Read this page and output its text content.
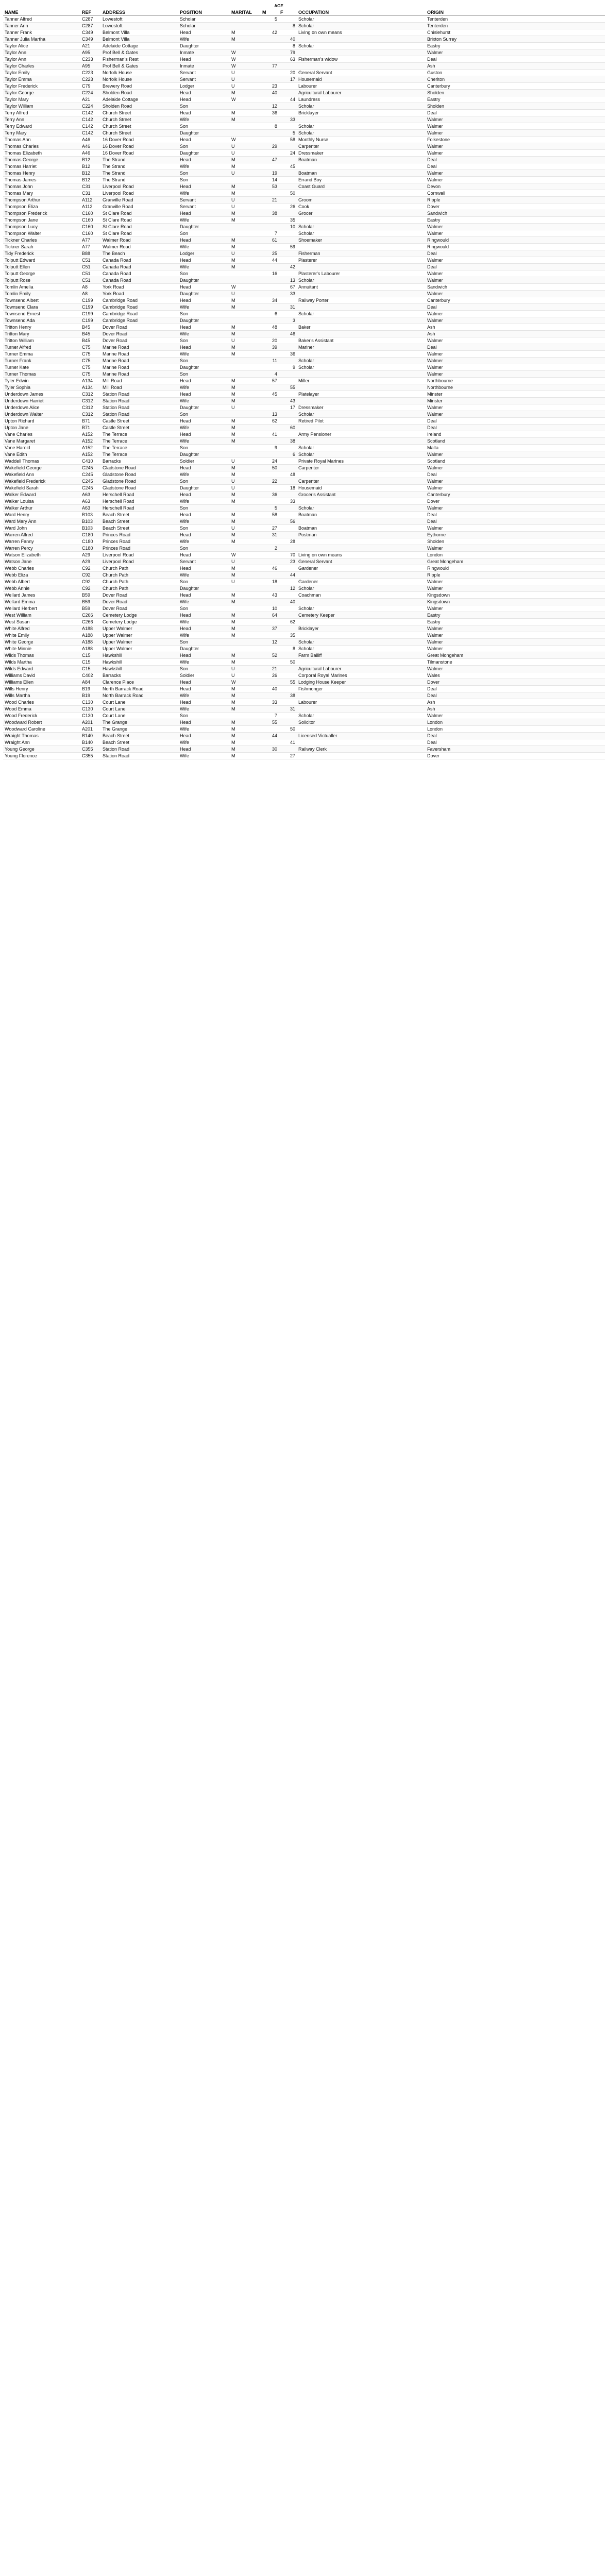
					AGE			
NAME	REF	ADDRESS	POSITION	MARITAL	M	F	OCCUPATION	ORIGIN
Tanner Alfred	C287	Lowestoft	Scholar		5		Scholar	Tenterden
Tanner Ann	C287	Lowestoft	Scholar			8	Scholar	Tenterden
Tanner Frank	C349	Belmont Villa	Head	M	42		Living on own means	Chislehurst
Tanner Julia Martha	C349	Belmont Villa	Wife	M		40		Brixton Surrey
Taylor Alice	A21	Adelaide Cottage	Daughter			8	Scholar	Eastry
Taylor Ann	A95	Prof Bell & Gates	Inmate	W		79		Walmer
Taylor Ann	C233	Fisherman's Rest	Head	W		63	Fisherman's widow	Deal
Taylor Charles	A95	Prof Bell & Gates	Inmate	W	77			Ash
Taylor Emily	C223	Norfolk House	Servant	U		20	General Servant	Guston
Taylor Emma	C223	Norfolk House	Servant	U		17	Housemaid	Cheriton
Taylor Frederick	C79	Brewery Road	Lodger	U	23		Labourer	Canterbury
Taylor George	C224	Sholden Road	Head	M	40		Agricultural Labourer	Sholden
Taylor Mary	A21	Adelaide Cottage	Head	W		44	Laundress	Eastry
Taylor William	C224	Sholden Road	Son		12		Scholar	Sholden
Terry Alfred	C142	Church Street	Head	M	36		Bricklayer	Deal
Terry Ann	C142	Church Street	Wife	M		33		Walmer
Terry Edward	C142	Church Street	Son		8		Scholar	Walmer
Terry Mary	C142	Church Street	Daughter			5	Scholar	Walmer
Thomas Ann	A46	16 Dover Road	Head	W		58	Monthly Nurse	Folkestone
Thomas Charles	A46	16 Dover Road	Son	U	29		Carpenter	Walmer
Thomas Elizabeth	A46	16 Dover Road	Daughter	U		24	Dressmaker	Walmer
Thomas George	B12	The Strand	Head	M	47		Boatman	Deal
Thomas Harriet	B12	The Strand	Wife	M		45		Deal
Thomas Henry	B12	The Strand	Son	U	19		Boatman	Walmer
Thomas James	B12	The Strand	Son		14		Errand Boy	Walmer
Thomas John	C31	Liverpool Road	Head	M	53		Coast Guard	Devon
Thomas Mary	C31	Liverpool Road	Wife	M		50		Cornwall
Thompson Arthur	A112	Granville Road	Servant	U	21		Groom	Ripple
Thompson Eliza	A112	Granville Road	Servant	U		26	Cook	Dover
Thompson Frederick	C160	St Clare Road	Head	M	38		Grocer	Sandwich
Thompson Jane	C160	St Clare Road	Wife	M		35		Eastry
Thompson Lucy	C160	St Clare Road	Daughter			10	Scholar	Walmer
Thompson Walter	C160	St Clare Road	Son		7		Scholar	Walmer
Tickner Charles	A77	Walmer Road	Head	M	61		Shoemaker	Ringwould
Tickner Sarah	A77	Walmer Road	Wife	M		59		Ringwould
Tidy Frederick	B88	The Beach	Lodger	U	25		Fisherman	Deal
Tolputt Edward	C51	Canada Road	Head	M	44		Plasterer	Walmer
Tolputt Ellen	C51	Canada Road	Wife	M		42		Deal
Tolputt George	C51	Canada Road	Son		16		Plasterer's Labourer	Walmer
Tolputt Rose	C51	Canada Road	Daughter			13	Scholar	Walmer
Tomlin Amelia	A8	York Road	Head	W		67	Annuitant	Sandwich
Tomlin Emily	A8	York Road	Daughter	U		33		Walmer
Townsend Albert	C199	Cambridge Road	Head	M	34		Railway Porter	Canterbury
Townsend Clara	C199	Cambridge Road	Wife	M		31		Deal
Townsend Ernest	C199	Cambridge Road	Son		6		Scholar	Walmer
Townsend Ada	C199	Cambridge Road	Daughter			3		Walmer
Tritton Henry	B45	Dover Road	Head	M	48		Baker	Ash
Tritton Mary	B45	Dover Road	Wife	M		46		Ash
Tritton William	B45	Dover Road	Son	U	20		Baker's Assistant	Walmer
Turner Alfred	C75	Marine Road	Head	M	39		Mariner	Deal
Turner Emma	C75	Marine Road	Wife	M		36		Walmer
Turner Frank	C75	Marine Road	Son		11		Scholar	Walmer
Turner Kate	C75	Marine Road	Daughter			9	Scholar	Walmer
Turner Thomas	C75	Marine Road	Son		4			Walmer
Tyler Edwin	A134	Mill Road	Head	M	57		Miller	Northbourne
Tyler Sophia	A134	Mill Road	Wife	M		55		Northbourne
Underdown James	C312	Station Road	Head	M	45		Platelayer	Minster
Underdown Harriet	C312	Station Road	Wife	M		43		Minster
Underdown Alice	C312	Station Road	Daughter	U		17	Dressmaker	Walmer
Underdown Walter	C312	Station Road	Son		13		Scholar	Walmer
Upton Richard	B71	Castle Street	Head	M	62		Retired Pilot	Deal
Upton Jane	B71	Castle Street	Wife	M		60		Deal
Vane Charles	A152	The Terrace	Head	M	41		Army Pensioner	Ireland
Vane Margaret	A152	The Terrace	Wife	M		38		Scotland
Vane Harold	A152	The Terrace	Son		9		Scholar	Malta
Vane Edith	A152	The Terrace	Daughter			6	Scholar	Walmer
Waddell Thomas	C410	Barracks	Soldier	U	24		Private Royal Marines	Scotland
Wakefield George	C245	Gladstone Road	Head	M	50		Carpenter	Walmer
Wakefield Ann	C245	Gladstone Road	Wife	M		48		Deal
Wakefield Frederick	C245	Gladstone Road	Son	U	22		Carpenter	Walmer
Wakefield Sarah	C245	Gladstone Road	Daughter	U		18	Housemaid	Walmer
Walker Edward	A63	Herschell Road	Head	M	36		Grocer's Assistant	Canterbury
Walker Louisa	A63	Herschell Road	Wife	M		33		Dover
Walker Arthur	A63	Herschell Road	Son		5		Scholar	Walmer
Ward Henry	B103	Beach Street	Head	M	58		Boatman	Deal
Ward Mary Ann	B103	Beach Street	Wife	M		56		Deal
Ward John	B103	Beach Street	Son	U	27		Boatman	Walmer
Warren Alfred	C180	Princes Road	Head	M	31		Postman	Eythorne
Warren Fanny	C180	Princes Road	Wife	M		28		Sholden
Warren Percy	C180	Princes Road	Son		2			Walmer
Watson Elizabeth	A29	Liverpool Road	Head	W		70	Living on own means	London
Watson Jane	A29	Liverpool Road	Servant	U		23	General Servant	Great Mongeham
Webb Charles	C92	Church Path	Head	M	46		Gardener	Ringwould
Webb Eliza	C92	Church Path	Wife	M		44		Ripple
Webb Albert	C92	Church Path	Son	U	18		Gardener	Walmer
Webb Annie	C92	Church Path	Daughter			12	Scholar	Walmer
Wellard James	B59	Dover Road	Head	M	43		Coachman	Kingsdown
Wellard Emma	B59	Dover Road	Wife	M		40		Kingsdown
Wellard Herbert	B59	Dover Road	Son		10		Scholar	Walmer
West William	C266	Cemetery Lodge	Head	M	64		Cemetery Keeper	Eastry
West Susan	C266	Cemetery Lodge	Wife	M		62		Eastry
White Alfred	A188	Upper Walmer	Head	M	37		Bricklayer	Walmer
White Emily	A188	Upper Walmer	Wife	M		35		Walmer
White George	A188	Upper Walmer	Son		12		Scholar	Walmer
White Minnie	A188	Upper Walmer	Daughter			8	Scholar	Walmer
Wilds Thomas	C15	Hawkshill	Head	M	52		Farm Bailiff	Great Mongeham
Wilds Martha	C15	Hawkshill	Wife	M		50		Tilmanstone
Wilds Edward	C15	Hawkshill	Son	U	21		Agricultural Labourer	Walmer
Williams David	C402	Barracks	Soldier	U	26		Corporal Royal Marines	Wales
Williams Ellen	A84	Clarence Place	Head	W		55	Lodging House Keeper	Dover
Wills Henry	B19	North Barrack Road	Head	M	40		Fishmonger	Deal
Wills Martha	B19	North Barrack Road	Wife	M		38		Deal
Wood Charles	C130	Court Lane	Head	M	33		Labourer	Ash
Wood Emma	C130	Court Lane	Wife	M		31		Ash
Wood Frederick	C130	Court Lane	Son		7		Scholar	Walmer
Woodward Robert	A201	The Grange	Head	M	55		Solicitor	London
Woodward Caroline	A201	The Grange	Wife	M		50		London
Wraight Thomas	B140	Beach Street	Head	M	44		Licensed Victualler	Deal
Wraight Ann	B140	Beach Street	Wife	M		41		Deal
Young George	C355	Station Road	Head	M	30		Railway Clerk	Faversham
Young Florence	C355	Station Road	Wife	M		27		Dover
